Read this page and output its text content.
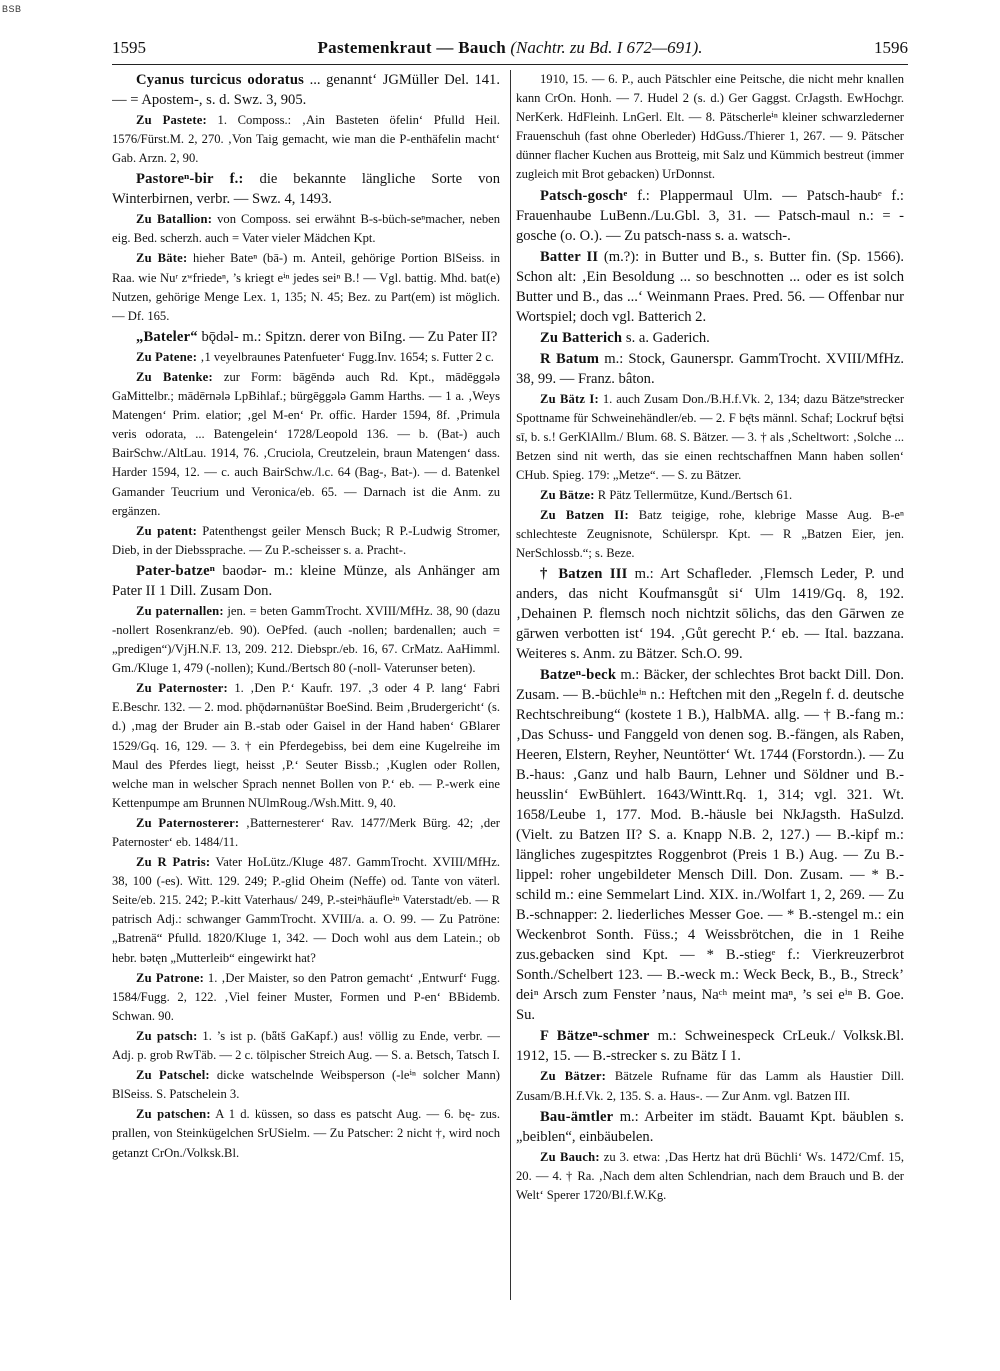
BSB
1595	Pastemenkraut — Bauch (Nachtr. zu Bd. I 672—691).	1596
Cyanus turcicus odoratus ... genannt‘ JGMüller Del. 141. — = Apostem-, s. d. Swz. 3, 905.
Zu Pastete: 1. Composs.: ‚Ain Basteten öfelin‘ Pfulld Heil. 1576/Fürst.M. 2, 270. ‚Von Taig gemacht, wie man die P-enthäfelin macht‘ Gab. Arzn. 2, 90.
Pastoreⁿ-bir f.: die bekannte längliche Sorte von Winterbirnen, verbr. — Swz. 4, 1493.
Zu Batallion: von Composs. sei erwähnt B-s-büch-seⁿmacher, neben eig. Bed. scherzh. auch = Vater vieler Mädchen Kpt.
Zu Bäte: hieher Bateⁿ (bā-) m. Anteil, gehörige Portion BlSeiss. in Raa. wie Nuʳ zʷfriedeⁿ, ’s kriegt eⁱⁿ jedes seiⁿ B.! — Vgl. battig. Mhd. bat(e) Nutzen, gehörige Menge Lex. 1, 135; N. 45; Bez. zu Part(em) ist möglich. — Df. 165.
„Bateler“ bǭdǝl- m.: Spitzn. derer von BiIng. — Zu Pater II?
Zu Patene: ‚1 veyelbraunes Patenfueter‘ Fugg.Inv. 1654; s. Futter 2 c.
Zu Batenke: zur Form: bāgēndǝ auch Rd. Kpt., mādēggǝlǝ GaMittelbr.; mādērnǝlǝ LpBihlaf.; bürgēggǝlǝ Gamm Harths. — 1 a. ‚Weys Matengen‘ Prim. elatior; ‚gel M-en‘ Pr. offic. Harder 1594, 8f. ‚Primula veris odorata, ... Batengelein‘ 1728/Leopold 136. — b. (Bat-) auch BairSchw./AltLau. 1914, 76. ‚Cruciola, Creutzelein, braun Matengen‘ dass. Harder 1594, 12. — c. auch BairSchw./l.c. 64 (Bag-, Bat-). — d. Batenkel Gamander Teucrium und Veronica/eb. 65. — Darnach ist die Anm. zu ergänzen.
Zu patent: Patenthengst geiler Mensch Buck; R P.-Ludwig Stromer, Dieb, in der Diebssprache. — Zu P.-scheisser s. a. Pracht-.
Pater-batzeⁿ baodǝr- m.: kleine Münze, als Anhänger am Pater II 1 Dill. Zusam Don.
Zu paternallen: jen. = beten GammTrocht. XVIII/MfHz. 38, 90 (dazu -nollert Rosenkranz/eb. 90). OePfed. (auch -nollen; bardenallen; auch = „predigen“)/VjH.N.F. 13, 209. 212. Diebspr./eb. 16, 67. CrMatz. AaHimml. Gm./Kluge 1, 479 (-nollen); Kund./Bertsch 80 (-noll- Vaterunser beten).
Zu Paternoster: 1. ‚Den P.‘ Kaufr. 197. ‚3 oder 4 P. lang‘ Fabri E.Beschr. 132. — 2. mod. phǭdǝrnǝnūštǝr BoeSind. Beim ‚Brudergericht‘ (s. d.) ‚mag der Bruder ain B.-stab oder Gaisel in der Hand haben‘ GBlarer 1529/Gq. 16, 129. — 3. † ein Pferdegebiss, bei dem eine Kugelreihe im Maul des Pferdes liegt, heisst ‚P.‘ Seuter Bissb.; ‚Kuglen oder Rollen, welche man in welscher Sprach nennet Bollen von P.‘ eb. — P.-werk eine Kettenpumpe am Brunnen NUlmRoug./Wsh.Mitt. 9, 40.
Zu Paternosterer: ‚Batternesterer‘ Rav. 1477/Merk Bürg. 42; ‚der Paternoster‘ eb. 1484/11.
Zu R Patris: Vater HoLütz./Kluge 487. GammTrocht. XVIII/MfHz. 38, 100 (-es). Witt. 129. 249; P.-glid Oheim (Neffe) od. Tante von väterl. Seite/eb. 215. 242; P.-kitt Vaterhaus/ 249, P.-steiⁿhäufleⁱⁿ Vaterstadt/eb. — R patrisch Adj.: schwanger GammTrocht. XVIII/a. a. O. 99. — Zu Patröne: „Batrenä“ Pfulld. 1820/Kluge 1, 342. — Doch wohl aus dem Latein.; ob hebr. bǝtęn „Mutterleib“ eingewirkt hat?
Zu Patrone: 1. ‚Der Maister, so den Patron gemacht‘ ‚Entwurf‘ Fugg. 1584/Fugg. 2, 122. ‚Viel feiner Muster, Formen und P-en‘ BBidemb. Schwan. 90.
Zu patsch: 1. ’s ist p. (bǟtš GaKapf.) aus! völlig zu Ende, verbr. — Adj. p. grob RwTäb. — 2 c. tölpischer Streich Aug. — S. a. Betsch, Tatsch I.
Zu Patschel: dicke watschelnde Weibsperson (-leⁱⁿ solcher Mann) BlSeiss. S. Patschelein 3.
Zu patschen: A 1 d. küssen, so dass es patscht Aug. — 6. bę- zus. prallen, von Steinkügelchen SrUSielm. — Zu Patscher: 2 nicht †, wird noch getanzt CrOn./Volksk.Bl.
1910, 15. — 6. P., auch Pätschler eine Peitsche, die nicht mehr knallen kann CrOn. Honh. — 7. Hudel 2 (s. d.) Ger Gaggst. CrJagsth. EwHochgr. NerKerk. HdFleinh. LnGerl. Elt. — 8. Pätscherleⁱⁿ kleiner schwarzlederner Frauenschuh (fast ohne Oberleder) HdGuss./Thierer 1, 267. — 9. Pätscher dünner flacher Kuchen aus Brotteig, mit Salz und Kümmich bestreut (immer zugleich mit Brot gebacken) UrDonnst.
Patsch-goschᵉ f.: Plappermaul Ulm. — Patsch-haubᵉ f.: Frauenhaube LuBenn./Lu.Gbl. 3, 31. — Patsch-maul n.: = -gosche (o. O.). — Zu patsch-nass s. a. watsch-.
Batter II (m.?): in Butter und B., s. Butter fin. (Sp. 1566). Schon alt: ‚Ein Besoldung ... so beschnotten ... oder es ist solch Butter und B., das ...‘ Weinmann Praes. Pred. 56. — Offenbar nur Wortspiel; doch vgl. Batterich 2.
Zu Batterich s. a. Gaderich.
R Batum m.: Stock, Gaunerspr. GammTrocht. XVIII/MfHz. 38, 99. — Franz. bâton.
Zu Bätz I: 1. auch Zusam Don./B.H.f.Vk. 2, 134; dazu Bätzeⁿstrecker Spottname für Schweinehändler/eb. — 2. F bę̄ts männl. Schaf; Lockruf bę̄tsi sī, b. s.! GerKlAllm./ Blum. 68. S. Bätzer. — 3. † als ‚Scheltwort: ‚Solche ... Betzen sind nit werth, das sie einen rechtschaffnen Mann haben sollen‘ CHub. Spieg. 179: „Metze“. — S. zu Bätzer.
Zu Bätze: R Pätz Tellermütze, Kund./Bertsch 61.
Zu Batzen II: Batz teigige, rohe, klebrige Masse Aug. B-eⁿ schlechteste Zeugnisnote, Schülerspr. Kpt. — R „Batzen Eier, jen. NerSchlossb.“; s. Beze.
† Batzen III m.: Art Schafleder. ‚Flemsch Leder, P. und anders, das nicht Koufmansgůt si‘ Ulm 1419/Gq. 8, 192. ‚Dehainen P. flemsch noch nichtzit sōlichs, das den Gārwen ze gārwen verbotten ist‘ 194. ‚Gůt gerecht P.‘ eb. — Ital. bazzana. Weiteres s. Anm. zu Bätzer. Sch.O. 99.
Batzeⁿ-beck m.: Bäcker, der schlechtes Brot backt Dill. Don. Zusam. — B.-büchleⁱⁿ n.: Heftchen mit den „Regeln f. d. deutsche Rechtschreibung“ (kostete 1 B.), HalbMA. allg. — † B.-fang m.: ‚Das Schuss- und Fanggeld von denen sog. B.-fängen, als Raben, Heeren, Elstern, Reyher, Neuntötter‘ Wt. 1744 (Forstordn.). — Zu B.-haus: ‚Ganz und halb Baurn, Lehner und Söldner und B.-heusslin‘ EwBühlert. 1643/Wintt.Rq. 1, 314; vgl. 321. Wt. 1658/Leube 1, 177. Mod. B.-häusle bei NkJagsth. HaSulzd. (Vielt. zu Batzen II? S. a. Knapp N.B. 2, 127.) — B.-kipf m.: längliches zugespitztes Roggenbrot (Preis 1 B.) Aug. — Zu B.-lippel: roher ungebildeter Mensch Dill. Don. Zusam. — * B.-schild m.: eine Semmelart Lind. XIX. in./Wolfart 1, 2, 269. — Zu B.-schnapper: 2. liederliches Messer Goe. — * B.-stengel m.: ein Weckenbrot Sonth. Füss.; 4 Weissbrötchen, die in 1 Reihe zus.gebacken sind Kpt. — * B.-stiegᵉ f.: Vierkreuzerbrot Sonth./Schelbert 123. — B.-weck m.: Weck Beck, B., B., Streck’ deiⁿ Arsch zum Fenster ’naus, Naᶜʰ meint maⁿ, ’s sei eⁱⁿ B. Goe. Su.
F Bätzeⁿ-schmer m.: Schweinespeck CrLeuk./ Volksk.Bl. 1912, 15. — B.-strecker s. zu Bätz I 1.
Zu Bätzer: Bätzele Rufname für das Lamm als Haustier Dill. Zusam/B.H.f.Vk. 2, 135. S. a. Haus-. — Zur Anm. vgl. Batzen III.
Bau-ämtler m.: Arbeiter im städt. Bauamt Kpt. bäublen s. „beiblen“, einbäubelen.
Zu Bauch: zu 3. etwa: ‚Das Hertz hat drü Büchli‘ Ws. 1472/Cmf. 15, 20. — 4. † Ra. ‚Nach dem alten Schlendrian, nach dem Brauch und B. der Welt‘ Sperer 1720/Bl.f.W.Kg.
